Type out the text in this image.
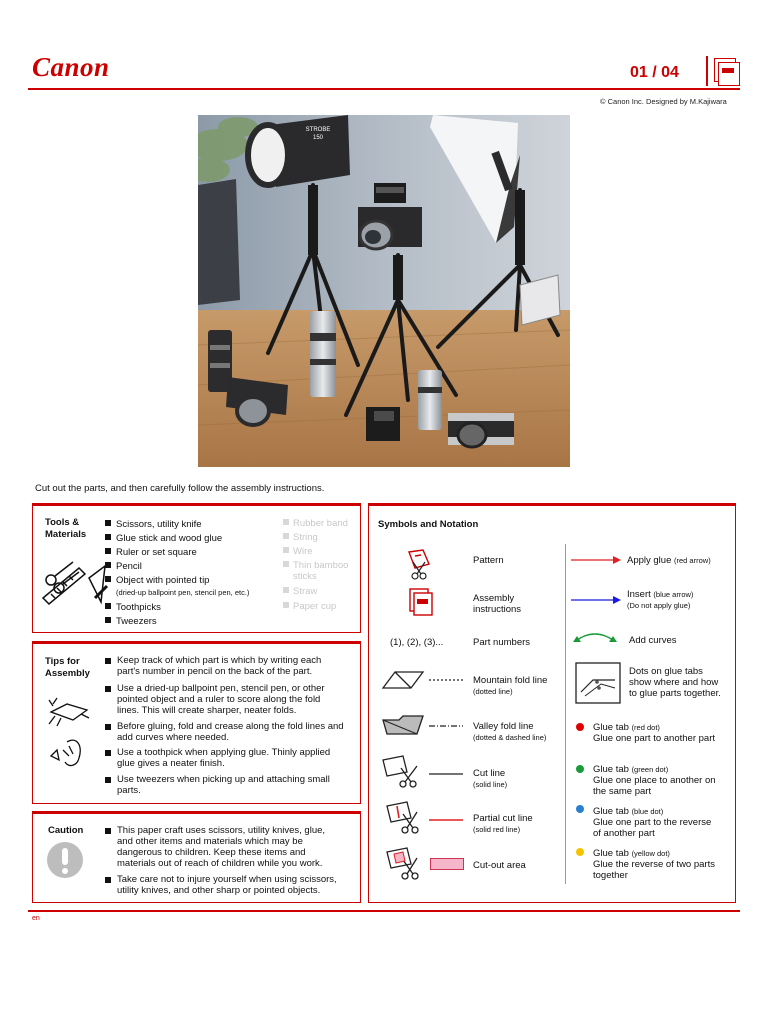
Canon	01 / 04
© Canon Inc. Designed by M.Kajiwara
STROBE
150
Cut out the parts, and then carefully follow the assembly instructions.
Tools &
Materials
Scissors, utility knife
Glue stick and wood glue
Ruler or set square
Pencil
Object with pointed tip
(dried-up ballpoint pen, stencil pen, etc.)
Toothpicks
Tweezers
Rubber band
String
Wire
Thin bamboo
sticks
Straw
Paper cup
Tips for
Assembly
Keep track of which part is which by writing each
part's number in pencil on the back of the part.
Use a dried-up ballpoint pen, stencil pen, or other
pointed object and a ruler to score along the fold
lines. This will create sharper, neater folds.
Before gluing, fold and crease along the fold lines and
add curves where needed.
Use a toothpick when applying glue. Thinly applied
glue gives a neater finish.
Use tweezers when picking up and attaching small
parts.
Caution	This paper craft uses scissors, utility knives, glue,
and other items and materials which may be
dangerous to children. Keep these items and
materials out of reach of children while you work.
Take care not to injure yourself when using scissors,
utility knives, and other sharp or pointed objects.
Symbols and Notation
Pattern
Assembly
instructions
(1), (2), (3)...	Part numbers
Mountain fold line
(dotted line)
Valley fold line
(dotted & dashed line)
Cut line
(solid line)
Partial cut line
(solid red line)
Cut-out area
Apply glue (red arrow)
Insert (blue arrow)
(Do not apply glue)
Add curves
Dots on glue tabs
show where and how
to glue parts together.
Glue tab (red dot)
Glue one part to another part
Glue tab (green dot)
Glue one place to another on
the same part
Glue tab (blue dot)
Glue one part to the reverse
of another part
Glue tab (yellow dot)
Glue the reverse of two parts
together
en
